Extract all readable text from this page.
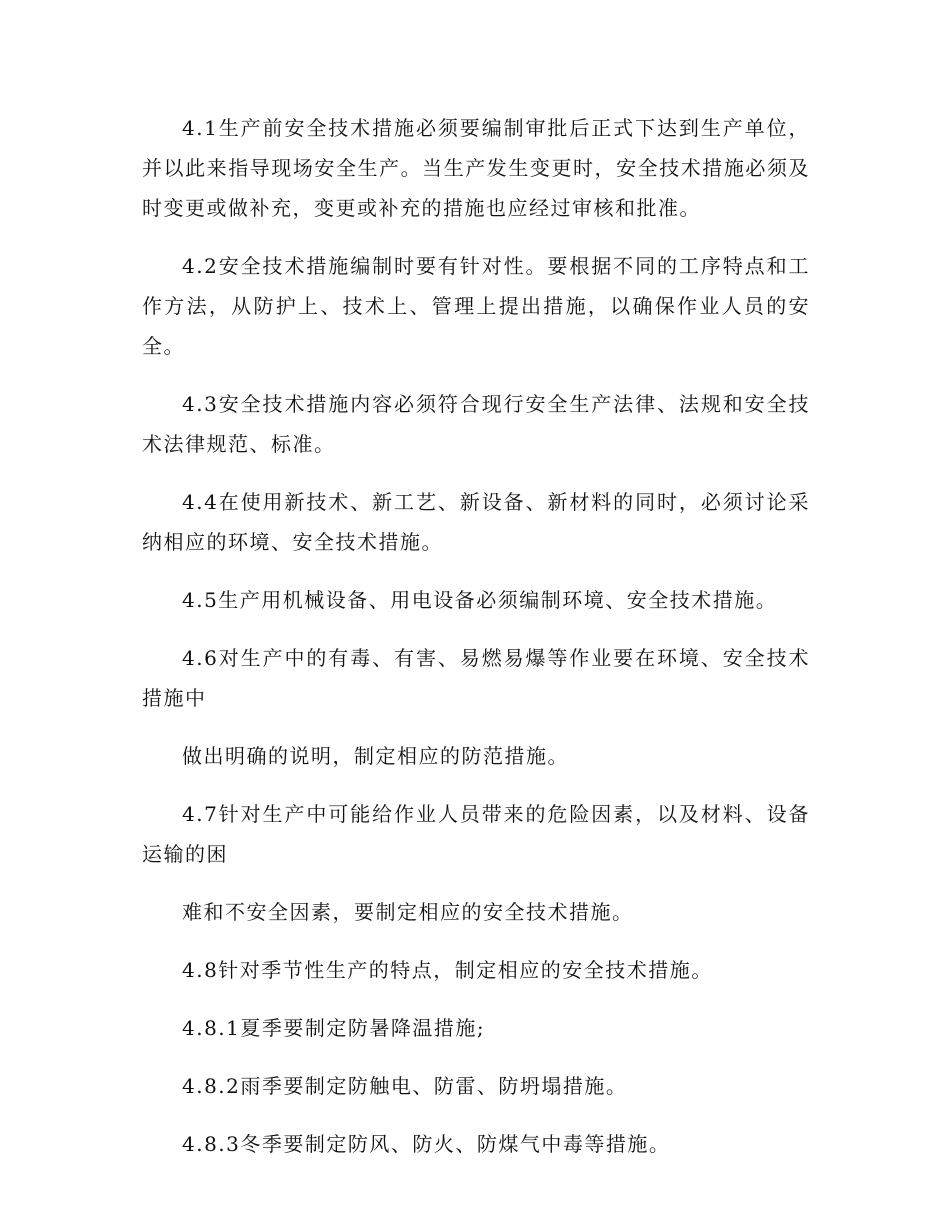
4.1生产前安全技术措施必须要编制审批后正式下达到生产单位，并以此来指导现场安全生产。当生产发生变更时，安全技术措施必须及时变更或做补充，变更或补充的措施也应经过审核和批准。

4.2安全技术措施编制时要有针对性。要根据不同的工序特点和工作方法，从防护上、技术上、管理上提出措施，以确保作业人员的安全。

4.3安全技术措施内容必须符合现行安全生产法律、法规和安全技术法律规范、标准。

4.4在使用新技术、新工艺、新设备、新材料的同时，必须讨论采纳相应的环境、安全技术措施。

4.5生产用机械设备、用电设备必须编制环境、安全技术措施。

4.6对生产中的有毒、有害、易燃易爆等作业要在环境、安全技术措施中

做出明确的说明，制定相应的防范措施。

4.7针对生产中可能给作业人员带来的危险因素，以及材料、设备运输的困

难和不安全因素，要制定相应的安全技术措施。

4.8针对季节性生产的特点，制定相应的安全技术措施。

4.8.1夏季要制定防暑降温措施;

4.8.2雨季要制定防触电、防雷、防坍塌措施。

4.8.3冬季要制定防风、防火、防煤气中毒等措施。
